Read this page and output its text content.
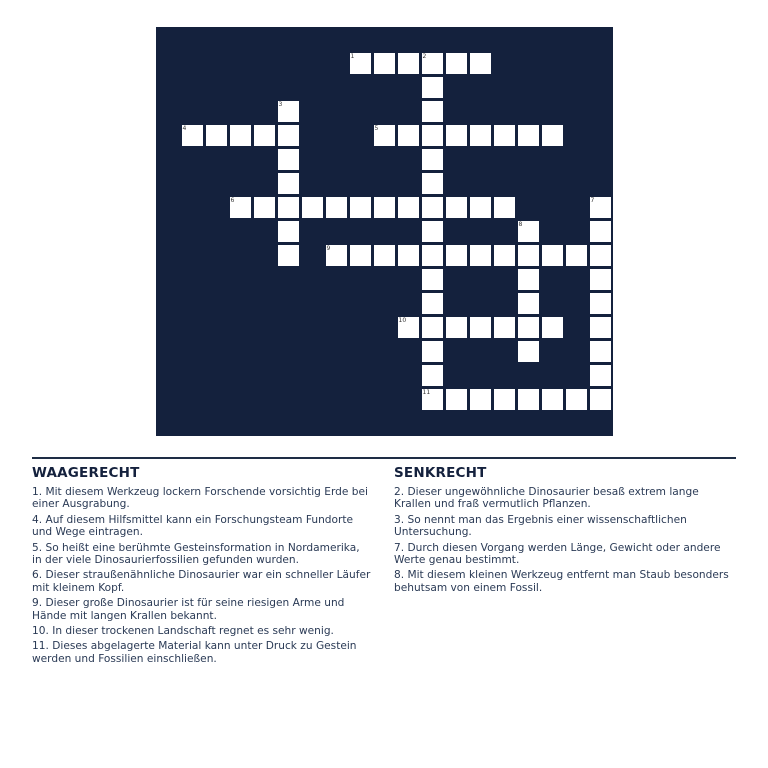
1	2
4	5
6
9
10
11
3
7
8
WAAGERECHT	SENKRECHT

1. Mit diesem Werkzeug lockern Forschende vorsichtig Erde bei einer Ausgrabung.

4. Auf diesem Hilfsmittel kann ein Forschungsteam Fundorte und Wege eintragen.

5. So heißt eine berühmte Gesteinsformation in Nordamerika, in der viele Dinosaurierfossilien gefunden wurden.

6. Dieser straußenähnliche Dinosaurier war ein schneller Läufer mit kleinem Kopf.

9. Dieser große Dinosaurier ist für seine riesigen Arme und Hände mit langen Krallen bekannt.

10. In dieser trockenen Landschaft regnet es sehr wenig.

11. Dieses abgelagerte Material kann unter Druck zu Gestein werden und Fossilien einschließen.

2. Dieser ungewöhnliche Dinosaurier besaß extrem lange Krallen und fraß vermutlich Pflanzen.

3. So nennt man das Ergebnis einer wissenschaftlichen Untersuchung.

7. Durch diesen Vorgang werden Länge, Gewicht oder andere Werte genau bestimmt.

8. Mit diesem kleinen Werkzeug entfernt man Staub besonders behutsam von einem Fossil.
